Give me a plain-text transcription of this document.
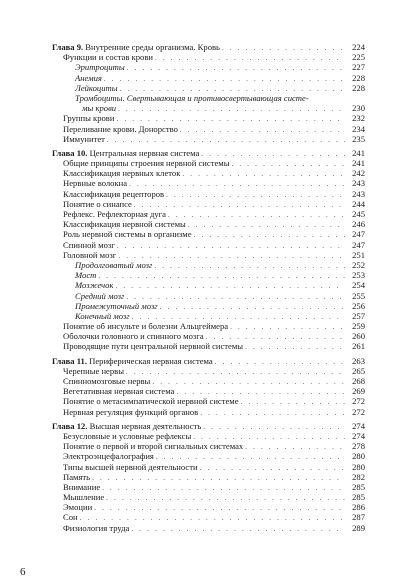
Глава 9. Внутренние среды организма. Кровь . . .	224
Функции и состав крови . . .	225
Эритроциты . . .	227
Анемия . . .	228
Лейкоциты . . .	228
Тромбоциты. Свертывающая и противосвертывающая систе-
мы крови . . .	230
Группы крови . . .	232
Переливание крови. Донорство . . .	234
Иммунитет . . .	235
Глава 10. Центральная нервная система . . .	241
Общие принципы строения нервной системы . . .	241
Классификация нервных клеток . . .	242
Нервные волокна . . .	243
Классификация рецепторов . . .	243
Понятие о синапсе . . .	244
Рефлекс. Рефлекторная дуга . . .	245
Классификация нервной системы . . .	246
Роль нервной системы в организме . . .	247
Спинной мозг . . .	247
Головной мозг . . .	251
Продолговатый мозг . . .	252
Мост . . .	253
Мозжечок . . .	254
Средний мозг . . .	255
Промежуточный мозг . . .	256
Конечный мозг . . .	257
Понятие об инсульте и болезни Альцгеймера . . .	259
Оболочки головного и спинного мозга . . .	260
Проводящие пути центральной нервной системы . . .	261
Глава 11. Периферическая нервная система . . .	263
Черепные нервы . . .	265
Спинномозговые нервы . . .	268
Вегетативная нервная система . . .	269
Понятие о метасимпатической нервной системе . . .	272
Нервная регуляция функций органов . . .	272
Глава 12. Высшая нервная деятельность . . .	274
Безусловные и условные рефлексы . . .	274
Понятие о первой и второй сигнальных системах . . .	278
Электроэнцефалография . . .	280
Типы высшей нервной деятельности . . .	280
Память . . .	282
Внимание . . .	285
Мышление . . .	285
Эмоции . . .	286
Сон . . .	287
Физиология труда . . .	289
6
